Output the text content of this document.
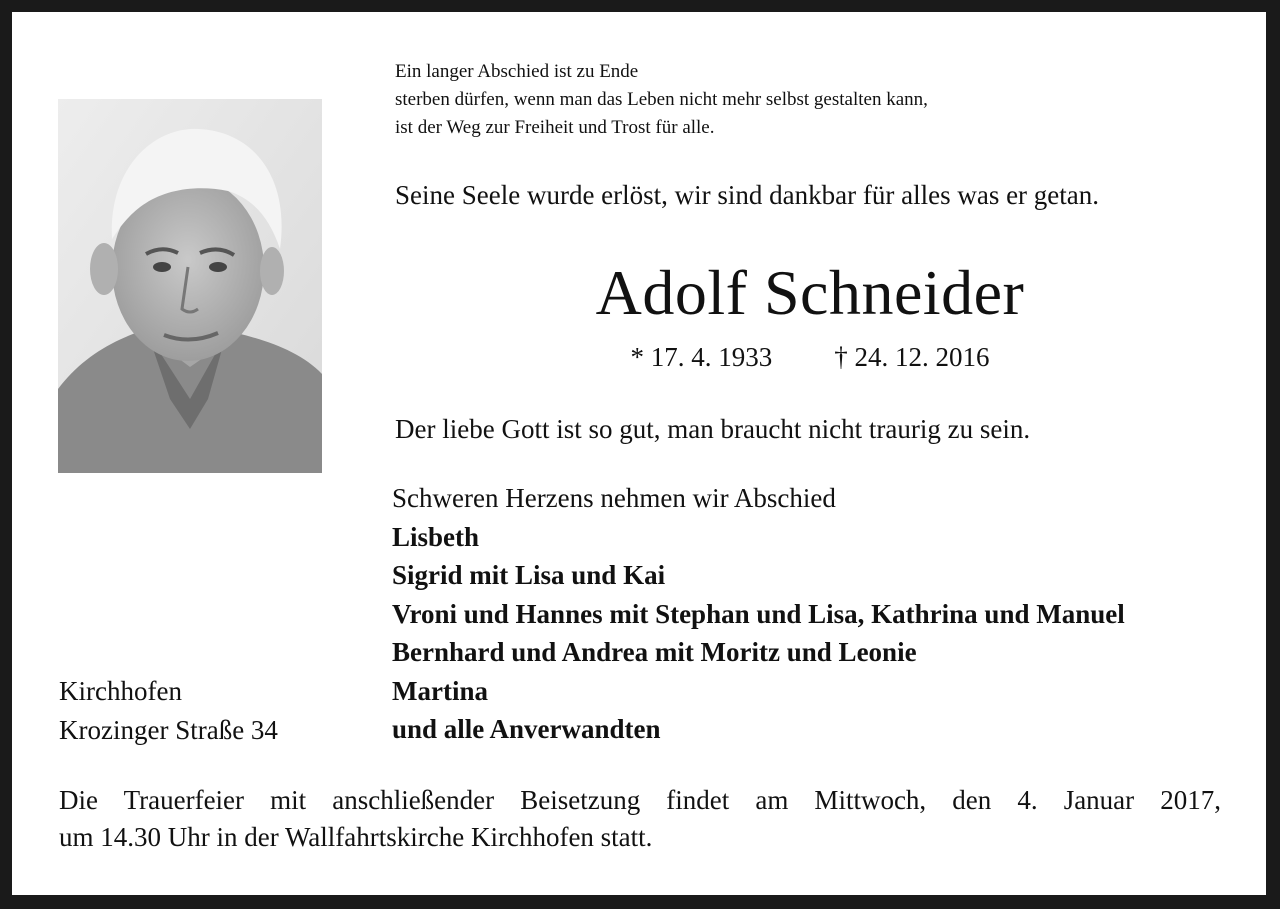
Ein langer Abschied ist zu Ende
sterben dürfen, wenn man das Leben nicht mehr selbst gestalten kann,
ist der Weg zur Freiheit und Trost für alle.
Seine Seele wurde erlöst, wir sind dankbar für alles was er getan.
Adolf Schneider
* 17. 4. 1933 † 24. 12. 2016
Der liebe Gott ist so gut, man braucht nicht traurig zu sein.
Schweren Herzens nehmen wir Abschied
Lisbeth
Sigrid mit Lisa und Kai
Vroni und Hannes mit Stephan und Lisa, Kathrina und Manuel
Bernhard und Andrea mit Moritz und Leonie
Martina
und alle Anverwandten
Kirchhofen
Krozinger Straße 34
Die Trauerfeier mit anschließender Beisetzung findet am Mittwoch, den 4. Januar 2017,
um 14.30 Uhr in der Wallfahrtskirche Kirchhofen statt.
